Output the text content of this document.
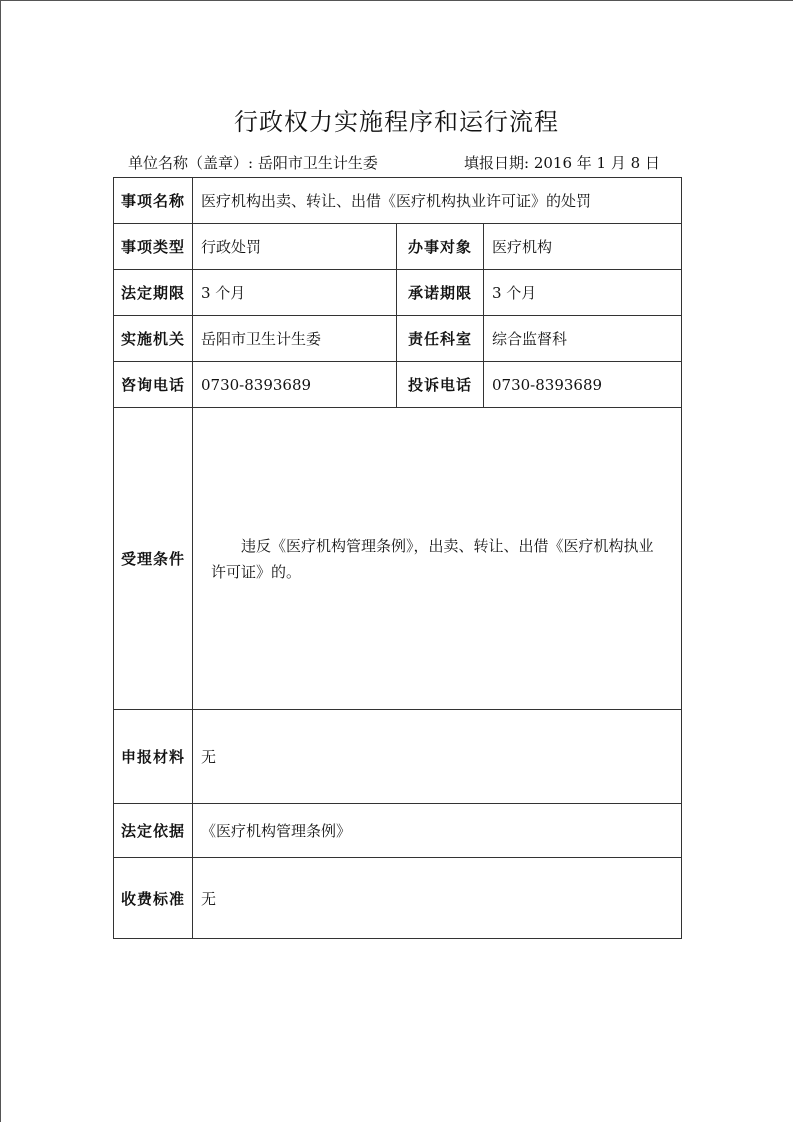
行政权力实施程序和运行流程
单位名称（盖章）: 岳阳市卫生计生委	填报日期: 2016 年 1 月 8 日
事项名称	医疗机构出卖、转让、出借《医疗机构执业许可证》的处罚		
事项类型	行政处罚	办事对象	医疗机构
法定期限	3 个月	承诺期限	3 个月
实施机关	岳阳市卫生计生委	责任科室	综合监督科
咨询电话	0730-8393689	投诉电话	0730-8393689
受理条件	违反《医疗机构管理条例》，出卖、转让、出借《医疗机构执业许可证》的。		

申报材料	无		
法定依据	《医疗机构管理条例》		
收费标准	无		
